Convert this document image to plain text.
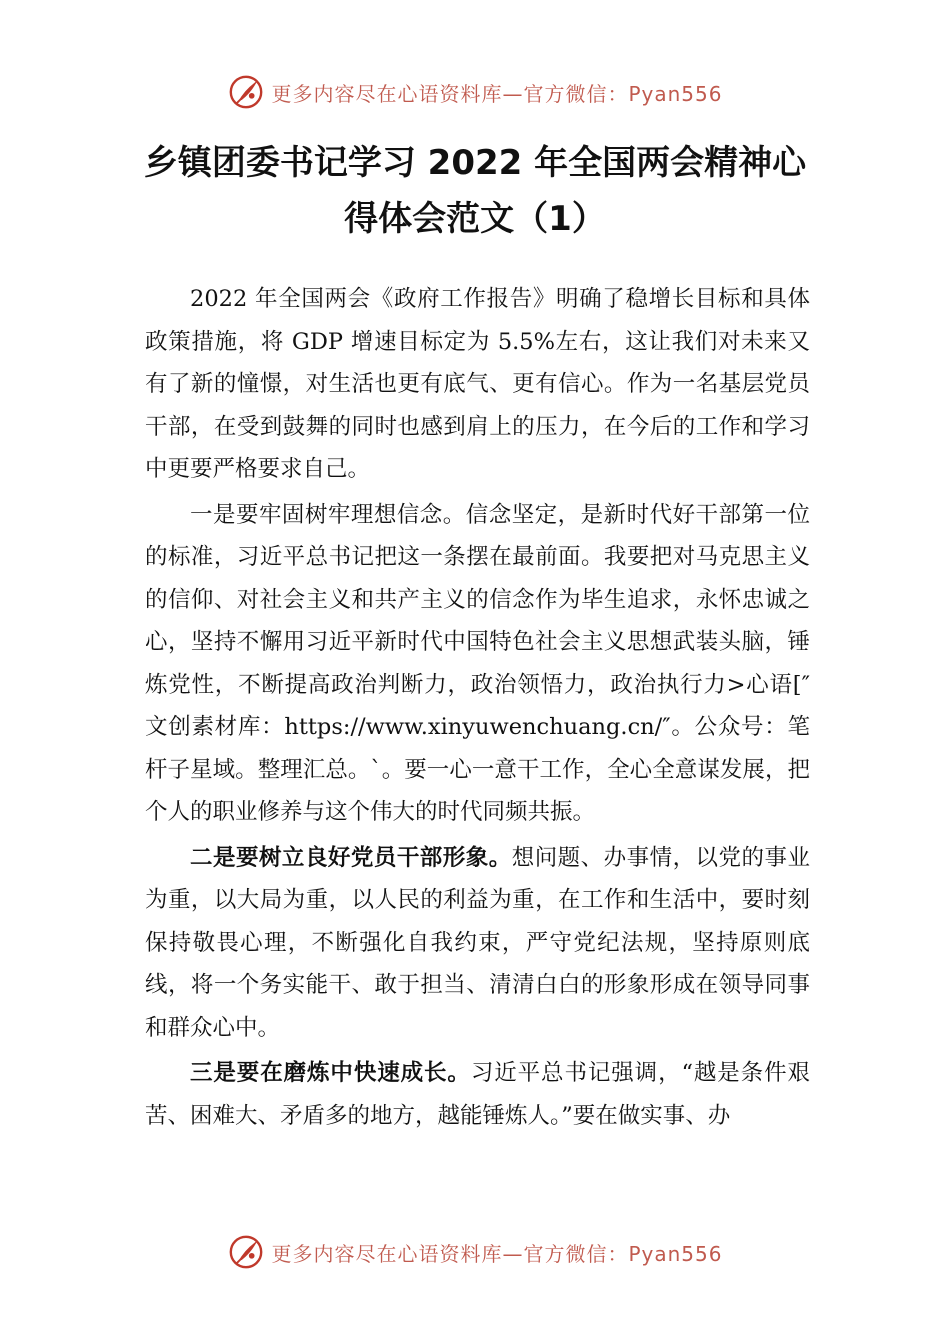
更多内容尽在心语资料库—官方微信：Pyan556
乡镇团委书记学习 2022 年全国两会精神心
得体会范文（1）

2022 年全国两会《政府工作报告》明确了稳增长目标和具体政策措施，将 GDP 增速目标定为 5.5%左右，这让我们对未来又有了新的憧憬，对生活也更有底气、更有信心。作为一名基层党员干部，在受到鼓舞的同时也感到肩上的压力，在今后的工作和学习中更要严格要求自己。

一是要牢固树牢理想信念。信念坚定，是新时代好干部第一位的标准，习近平总书记把这一条摆在最前面。我要把对马克思主义的信仰、对社会主义和共产主义的信念作为毕生追求，永怀忠诚之心，坚持不懈用习近平新时代中国特色社会主义思想武装头脑，锤炼党性，不断提高政治判断力，政治领悟力，政治执行力>心语[″文创素材库：https://www.xinyuwenchuang.cn/″。公众号：笔杆子星域。整理汇总。`。要一心一意干工作，全心全意谋发展，把个人的职业修养与这个伟大的时代同频共振。

二是要树立良好党员干部形象。想问题、办事情，以党的事业为重，以大局为重，以人民的利益为重，在工作和生活中，要时刻保持敬畏心理，不断强化自我约束，严守党纪法规，坚持原则底线，将一个务实能干、敢于担当、清清白白的形象形成在领导同事和群众心中。

三是要在磨炼中快速成长。习近平总书记强调，“越是条件艰苦、困难大、矛盾多的地方，越能锤炼人。”要在做实事、办

更多内容尽在心语资料库—官方微信：Pyan556
